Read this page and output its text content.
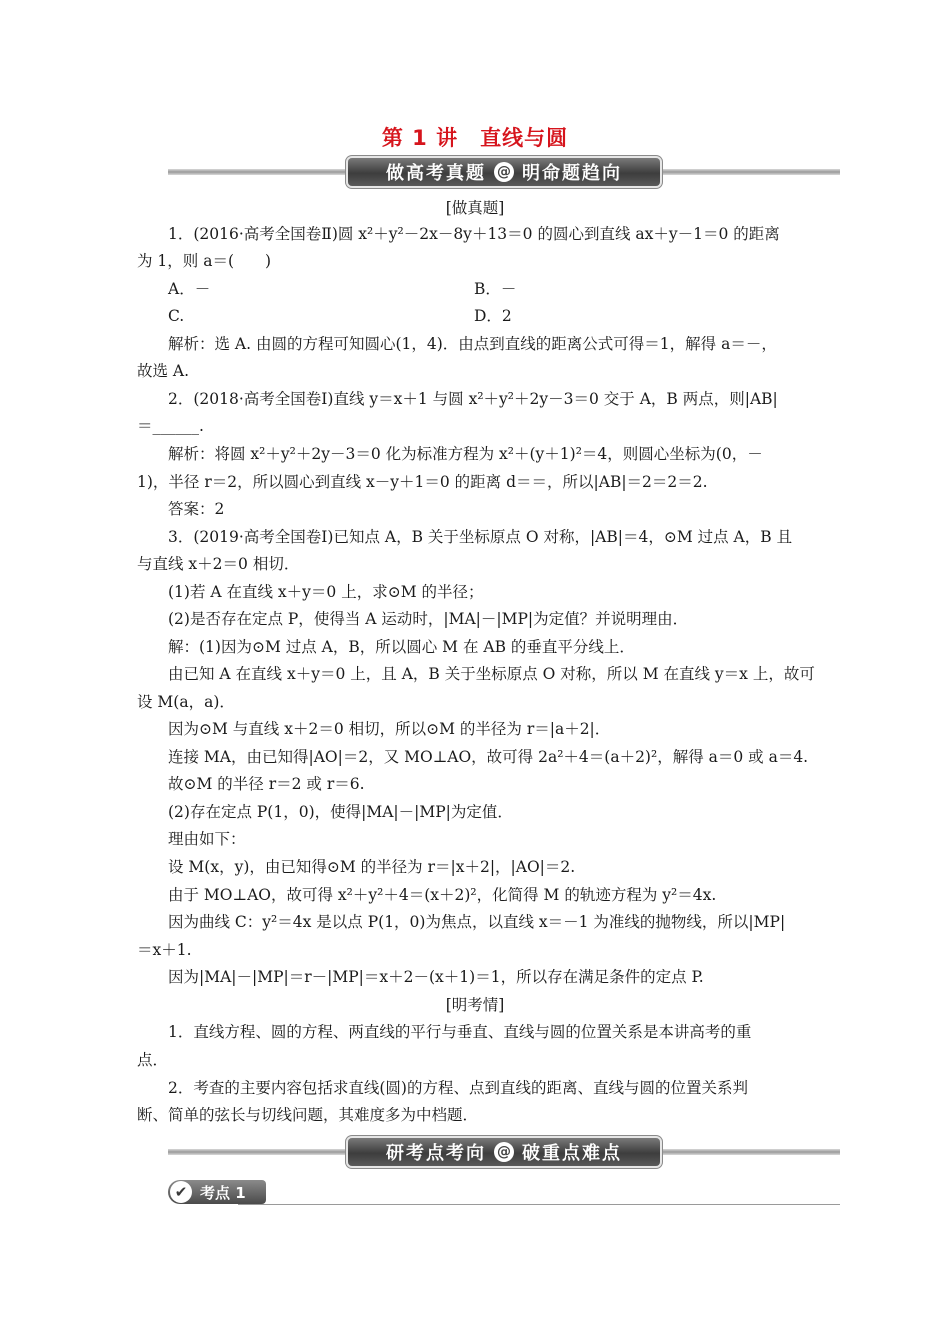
第 1 讲　直线与圆
做高考真题 @ 明命题趋向
[做真题]
1．(2016·高考全国卷Ⅱ)圆 x²＋y²－2x－8y＋13＝0 的圆心到直线 ax＋y－1＝0 的距离
为 1，则 a＝(　　)
A．－	B．－
C.	D．2
解析：选 A. 由圆的方程可知圆心(1，4)．由点到直线的距离公式可得＝1，解得 a＝－，
故选 A.
2．(2018·高考全国卷Ⅰ)直线 y＝x＋1 与圆 x²＋y²＋2y－3＝0 交于 A，B 两点，则|AB|
＝______.
解析：将圆 x²＋y²＋2y－3＝0 化为标准方程为 x²＋(y＋1)²＝4，则圆心坐标为(0，－
1)，半径 r＝2，所以圆心到直线 x－y＋1＝0 的距离 d＝＝，所以|AB|＝2＝2＝2.
答案：2
3．(2019·高考全国卷Ⅰ)已知点 A，B 关于坐标原点 O 对称，|AB|＝4，⊙M 过点 A，B 且
与直线 x＋2＝0 相切．
(1)若 A 在直线 x＋y＝0 上，求⊙M 的半径；
(2)是否存在定点 P，使得当 A 运动时，|MA|－|MP|为定值？并说明理由．
解：(1)因为⊙M 过点 A，B，所以圆心 M 在 AB 的垂直平分线上．
由已知 A 在直线 x＋y＝0 上，且 A，B 关于坐标原点 O 对称，所以 M 在直线 y＝x 上，故可
设 M(a，a)．
因为⊙M 与直线 x＋2＝0 相切，所以⊙M 的半径为 r＝|a＋2|．
连接 MA，由已知得|AO|＝2，又 MO⊥AO，故可得 2a²＋4＝(a＋2)²，解得 a＝0 或 a＝4.
故⊙M 的半径 r＝2 或 r＝6.
(2)存在定点 P(1，0)，使得|MA|－|MP|为定值．
理由如下：
设 M(x，y)，由已知得⊙M 的半径为 r＝|x＋2|，|AO|＝2.
由于 MO⊥AO，故可得 x²＋y²＋4＝(x＋2)²，化简得 M 的轨迹方程为 y²＝4x.
因为曲线 C：y²＝4x 是以点 P(1，0)为焦点，以直线 x＝－1 为准线的抛物线，所以|MP|
＝x＋1.
因为|MA|－|MP|＝r－|MP|＝x＋2－(x＋1)＝1，所以存在满足条件的定点 P.
[明考情]
1．直线方程、圆的方程、两直线的平行与垂直、直线与圆的位置关系是本讲高考的重
点．
2．考查的主要内容包括求直线(圆)的方程、点到直线的距离、直线与圆的位置关系判
断、简单的弦长与切线问题，其难度多为中档题．
研考点考向 @ 破重点难点
✔ 考点 1
